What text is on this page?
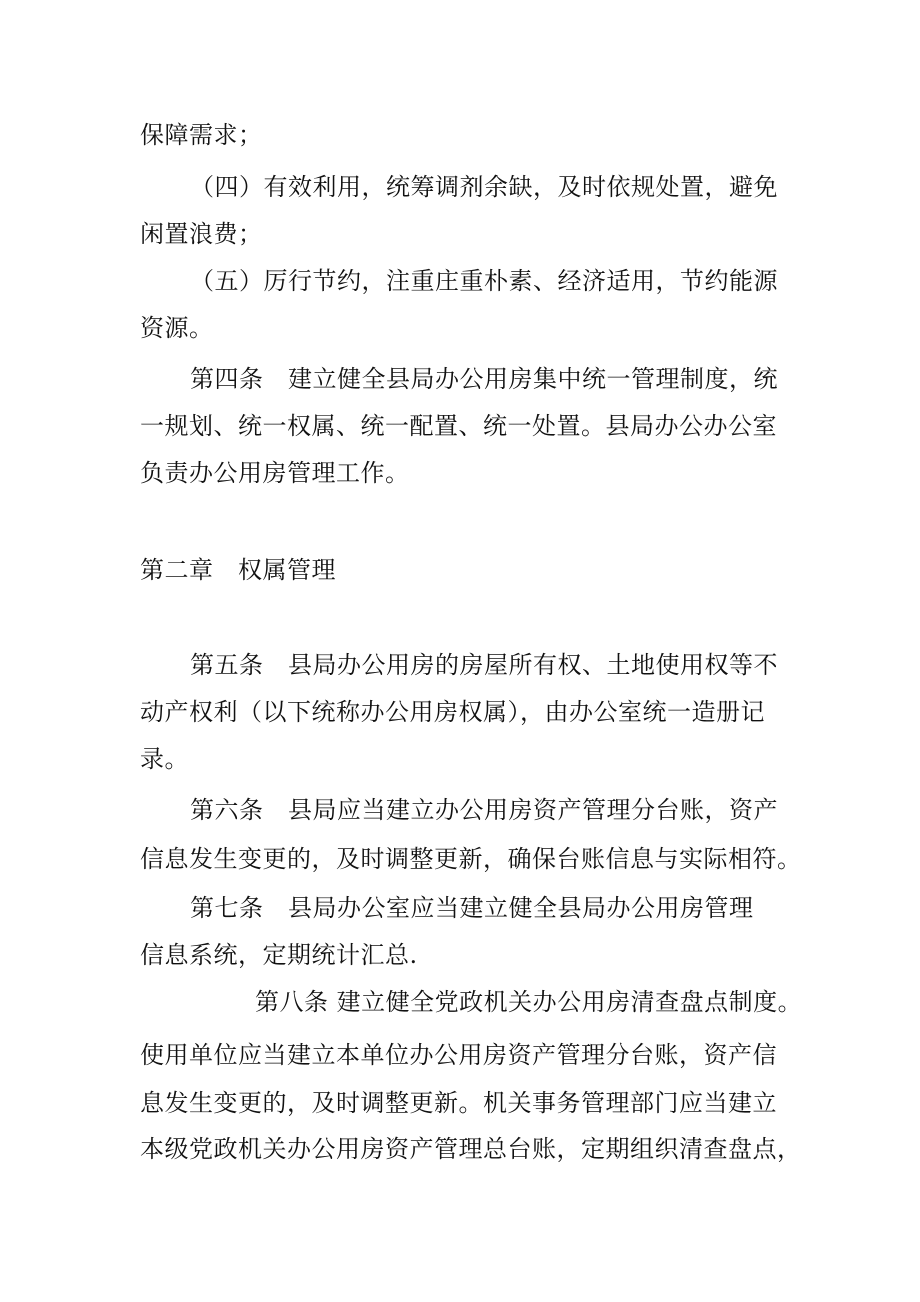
保障需求；
（四）有效利用，统筹调剂余缺，及时依规处置，避免
闲置浪费；
（五）厉行节约，注重庄重朴素、经济适用，节约能源
资源。
第四条　建立健全县局办公用房集中统一管理制度，统
一规划、统一权属、统一配置、统一处置。县局办公办公室
负责办公用房管理工作。
第二章　权属管理
第五条　县局办公用房的房屋所有权、土地使用权等不
动产权利（以下统称办公用房权属），由办公室统一造册记
录。
第六条　县局应当建立办公用房资产管理分台账，资产
信息发生变更的，及时调整更新，确保台账信息与实际相符。
第七条　县局办公室应当建立健全县局办公用房管理
信息系统，定期统计汇总.
第八条 建立健全党政机关办公用房清查盘点制度。
使用单位应当建立本单位办公用房资产管理分台账，资产信
息发生变更的，及时调整更新。机关事务管理部门应当建立
本级党政机关办公用房资产管理总台账，定期组织清查盘点，
